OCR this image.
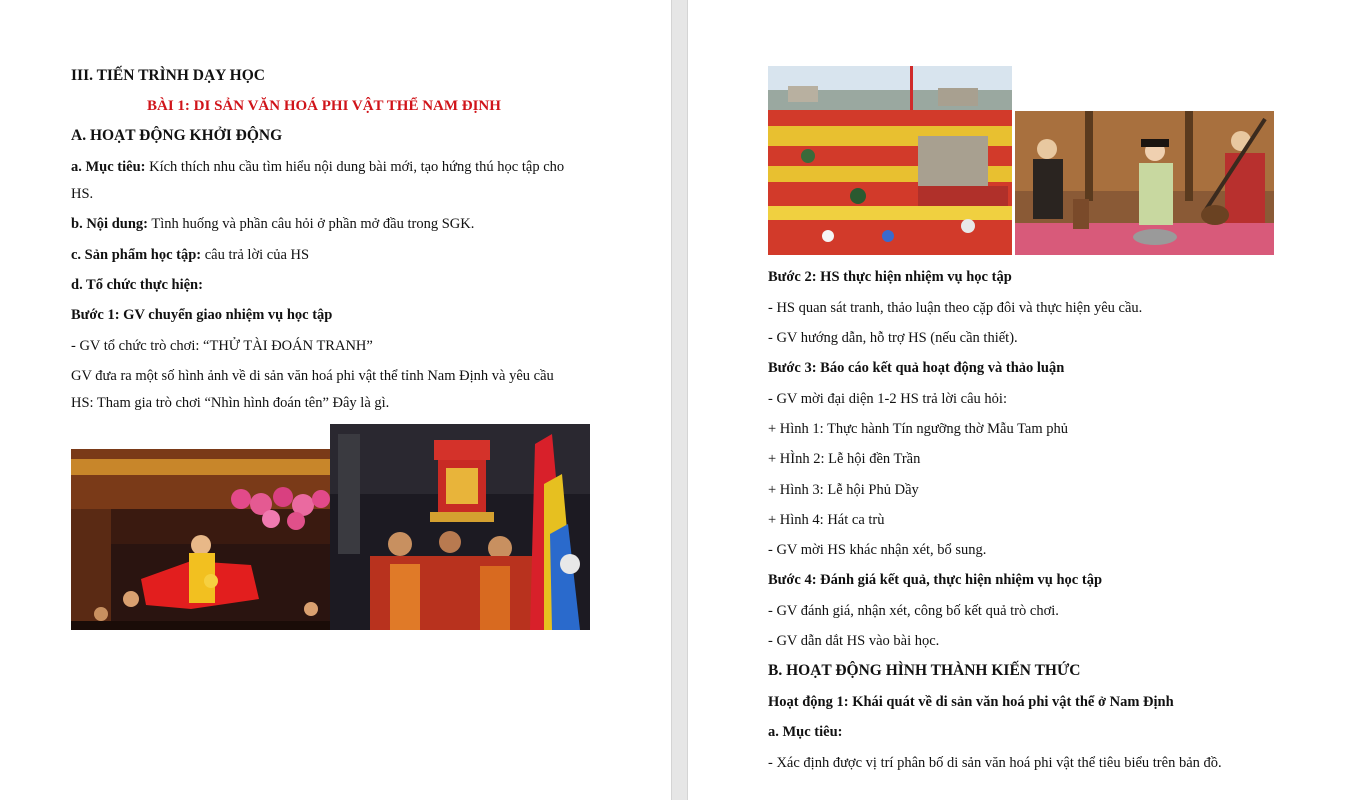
III. TIẾN TRÌNH DẠY HỌC
BÀI 1: DI SẢN VĂN HOÁ PHI VẬT THỂ NAM ĐỊNH
A. HOẠT ĐỘNG KHỞI ĐỘNG
a. Mục tiêu: Kích thích nhu cầu tìm hiểu nội dung bài mới, tạo hứng thú học tập cho
HS.
b. Nội dung: Tình huống và phần câu hỏi ở phần mở đầu trong SGK.
c. Sản phẩm học tập: câu trả lời của HS
d. Tổ chức thực hiện:
Bước 1: GV chuyển giao nhiệm vụ học tập
- GV tổ chức trò chơi: “THỬ TÀI ĐOÁN TRANH”
GV đưa ra một số hình ảnh về di sản văn hoá phi vật thể tỉnh Nam Định và yêu cầu
HS: Tham gia trò chơi “Nhìn hình đoán tên” Đây là gì.
Bước 2: HS thực hiện nhiệm vụ học tập
- HS quan sát tranh, thảo luận theo cặp đôi và thực hiện yêu cầu.
- GV hướng dẫn, hỗ trợ HS (nếu cần thiết).
Bước 3: Báo cáo kết quả hoạt động và thảo luận
- GV mời đại diện 1-2 HS trả lời câu hỏi:
+ Hình 1: Thực hành Tín ngưỡng thờ Mẫu Tam phủ
+ HÌnh 2: Lễ hội đền Trần
+ Hình 3: Lễ hội Phủ Dầy
+ Hình 4: Hát ca trù
- GV mời HS khác nhận xét, bổ sung.
Bước 4: Đánh giá kết quả, thực hiện nhiệm vụ học tập
- GV đánh giá, nhận xét, công bố kết quả trò chơi.
- GV dẫn dắt HS vào bài học.
B. HOẠT ĐỘNG HÌNH THÀNH KIẾN THỨC
Hoạt động 1: Khái quát về di sản văn hoá phi vật thể ở Nam Định
a. Mục tiêu:
- Xác định được vị trí phân bố di sản văn hoá phi vật thể tiêu biểu trên bản đồ.
